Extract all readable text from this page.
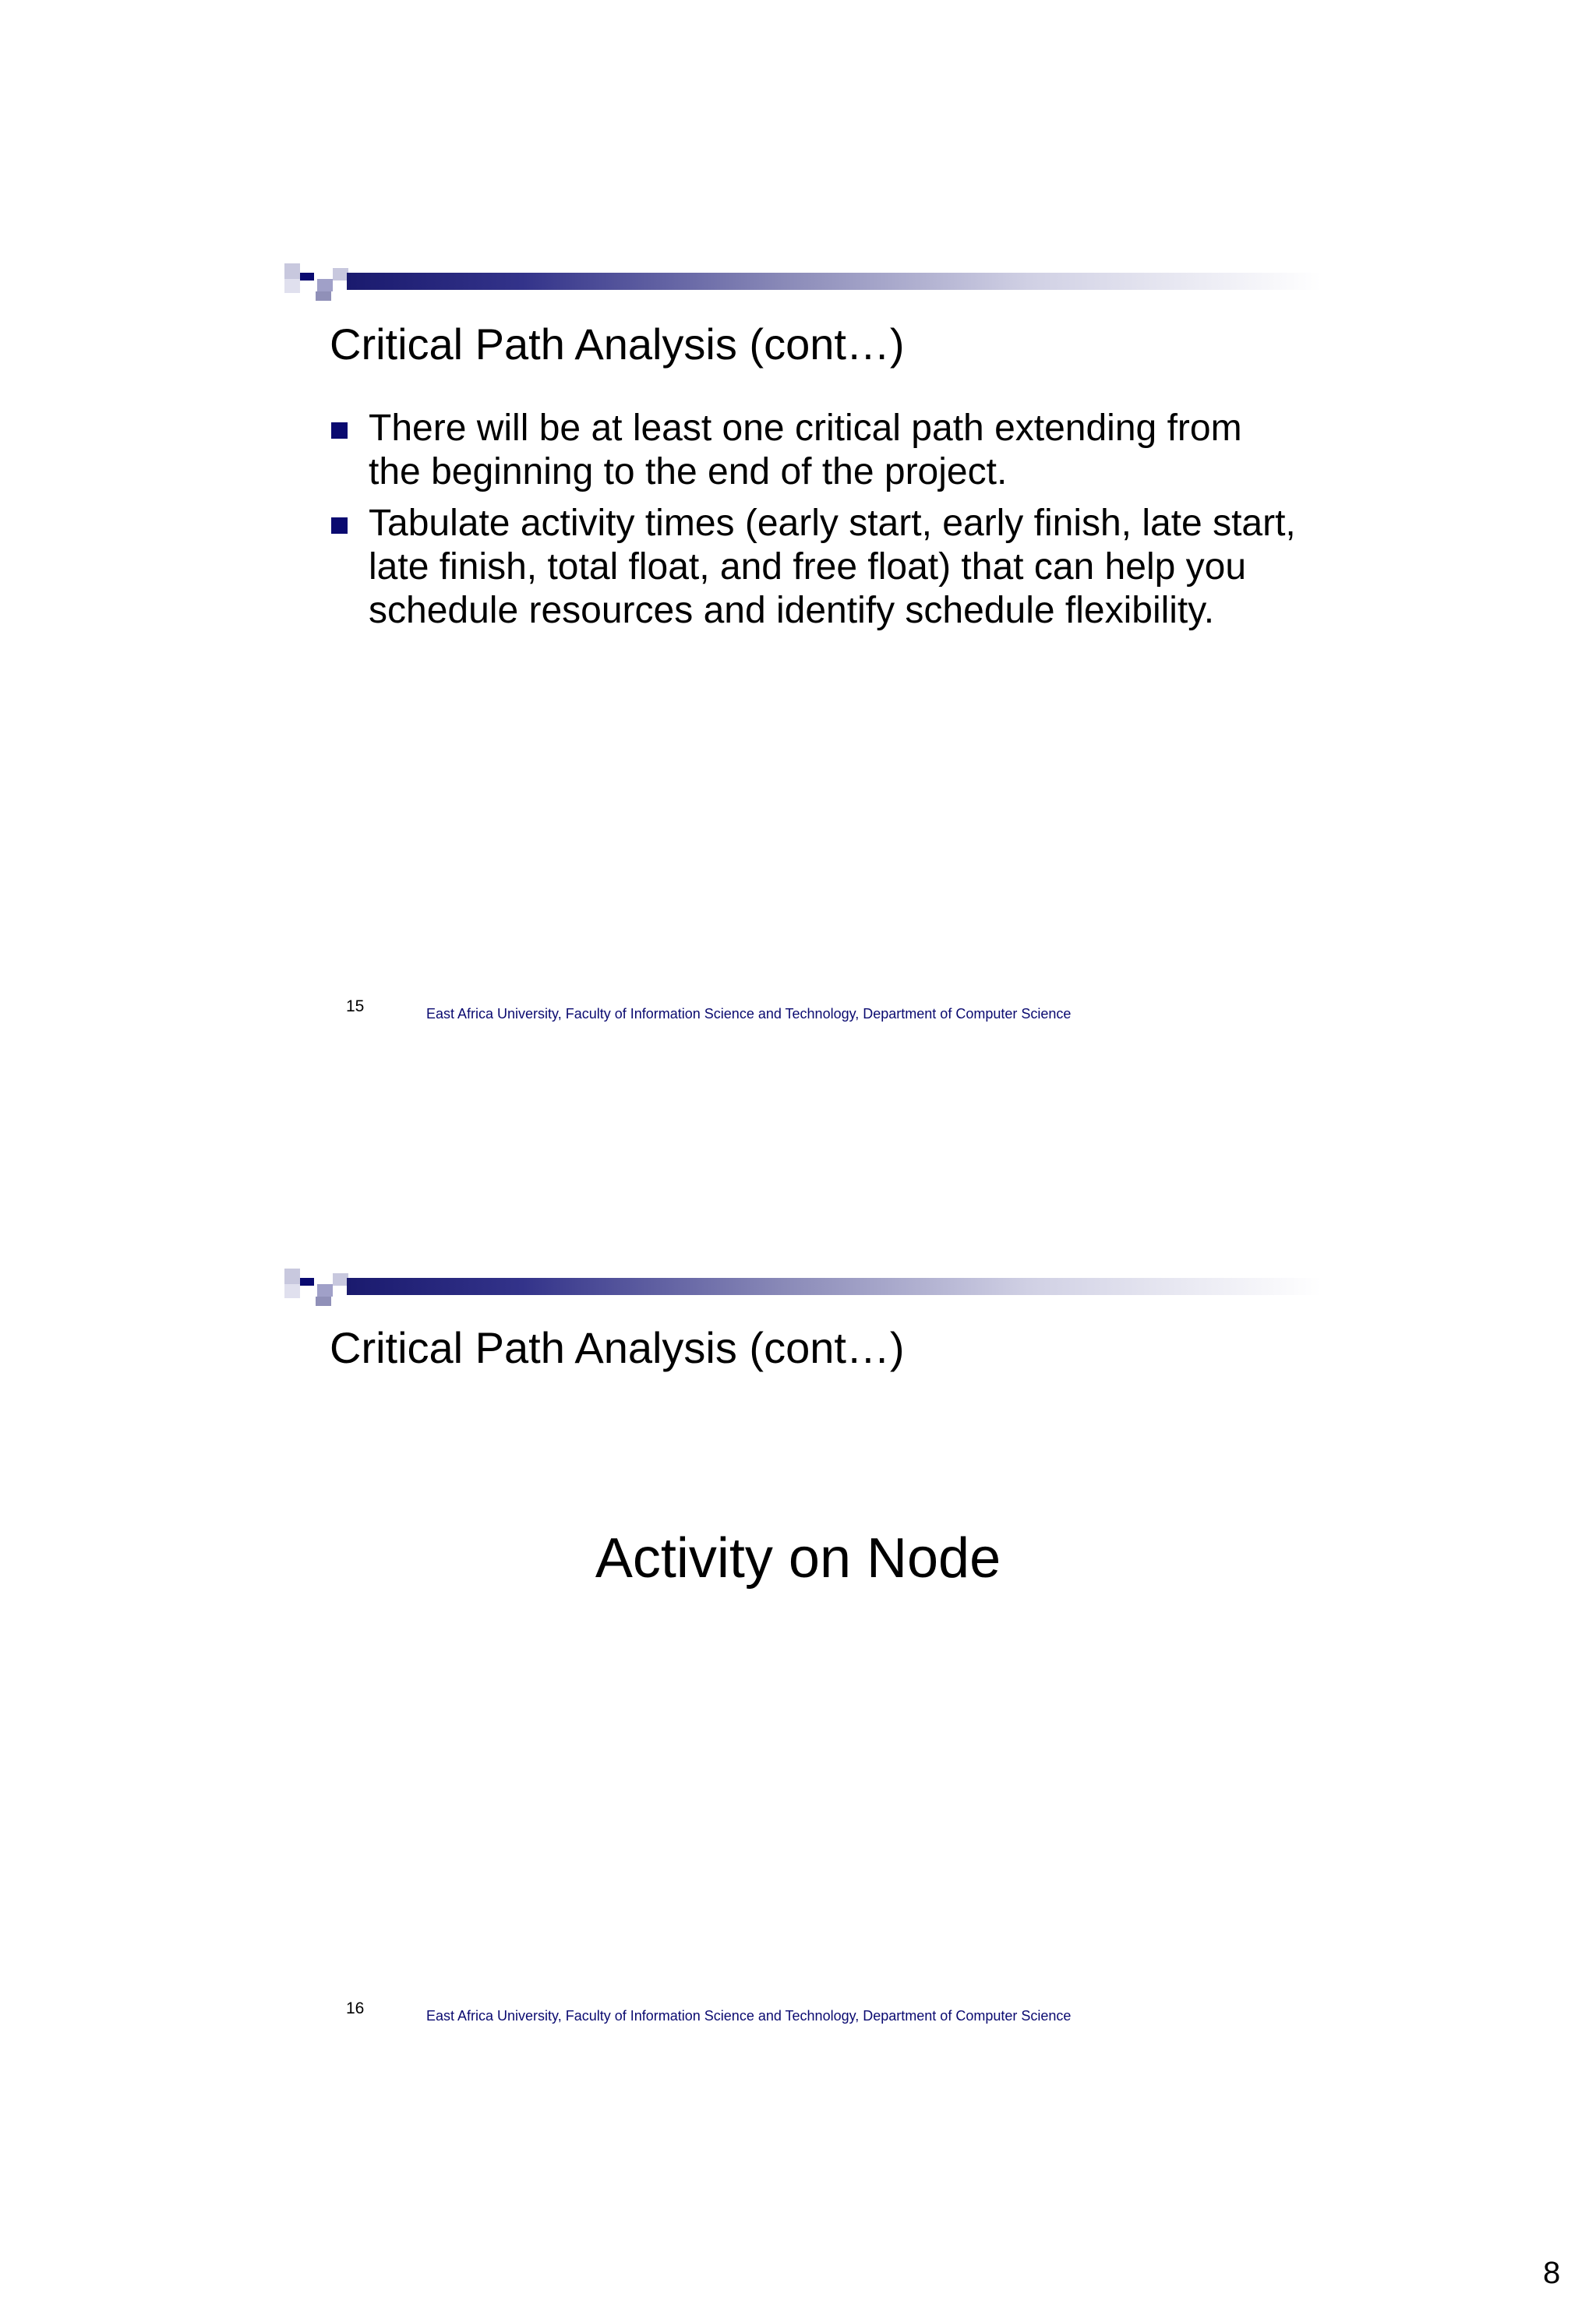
Critical Path Analysis (cont…)
There will be at least one critical path extending from the beginning to the end of the project.
Tabulate activity times (early start, early finish, late start, late finish, total float, and free float) that can help you schedule resources and identify schedule flexibility.
15	East Africa University, Faculty of Information Science and Technology, Department of Computer Science
Critical Path Analysis (cont…)
Activity on Node
16	East Africa University, Faculty of Information Science and Technology, Department of Computer Science
8
